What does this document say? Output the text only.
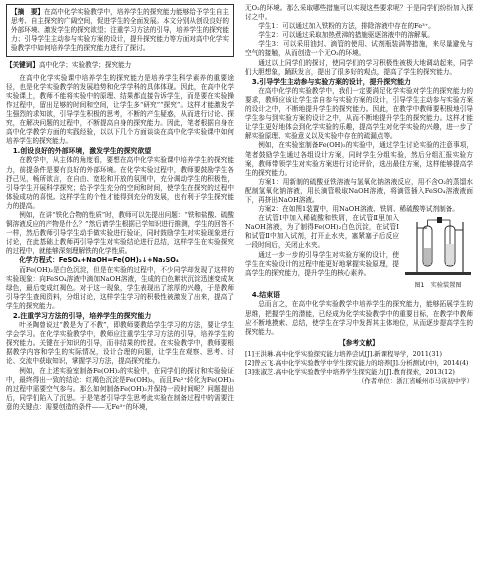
【摘　要】在高中化学实验教学中，培养学生的探究能力能够给予学生自主思考、自主探究的广阔空间，促进学生的全面发展。本文分别从创设良好的外部环境、激发学生的探究欲望；注重学习方法的引导，培养学生的探究能力；引导学生主动参与实验方案的设计，提升探究能力等方面对高中化学实验教学中如何培养学生的探究能力进行了探讨。

【关键词】高中化学；实验教学；探究能力

在高中化学实验课中培养学生的探究能力是培养学生科学素养的重要途径，也是化学实验教学的发展趋势和化学学科的具体体现。因此，在高中化学实验课上，教师不能将实验中的原理、结果都直接告诉学生，而是要在实验操作过程中，留出足够的时间和空间，让学生多“研究”“探究”。这样才能激发学生强烈的求知欲，引导学生积极的思考，不断的产生疑惑，从而进行讨论、探究，在解决问题的过程中，不断提高自身的探究能力。因此，笔者根据自身在高中化学教学方面的实践经验，以以下几个方面谈谈在高中化学实验课中如何培养学生的探究能力。

1.创设良好的外部环境，激发学生的探究欲望

在教学中，从主体的角度看，要想在高中化学实验课中培养学生的探究能力，前提条件是要有良好的外部环境。在化学实验过程中，教师要鼓励学生各抒己见，畅所欲言，在自由、宽松和开放的氛围中，充分调动学生的积极性，引导学生开展科学探究；给予学生充分的空间和时间，使学生在探究的过程中体验成功的喜悦。这样学生的个性才能得到充分的发展，也有利于学生探究能力的提高。

例如，在讲“铁化合物的性质”时，教师可以先提出问题：“铁和盐酸、硫酸铜溶液反应的产物是什么？”然后请学生根据已学知识进行推测，学生的回答不一样，然后教师引导学生动手做实验进行验证，同时鼓励学生对实验现象进行讨论，在此基础上教师再引导学生对实验结论进行总结，这样学生在实验探究的过程中，就能够深刻理解铁的化学性质。

化学方程式：FeSO₄+NaOH=Fe(OH)₂↓+Na₂SO₄

而Fe(OH)₂是白色沉淀，但是在实验的过程中，不少同学却发现了这样的实验现象：向FeSO₄溶液中滴加NaOH溶液，生成的白色絮状沉淀迅速变成灰绿色，最后变成红褐色。对于这一现象，学生表现出了浓厚的兴趣，于是教师引导学生查阅资料，分组讨论，这样学生学习的积极性被激发了出来，提高了学生的探究能力。

2.注重学习方法的引导，培养学生的探究能力

叶圣陶曾说过“教是为了不教”，即教师要教给学生学习的方法，要让学生学会学习。在化学实验教学中，教师应注重学生学习方法的引导，培养学生的探究能力。关键在于知识的引导，而非结果的传授。在实验教学中，教师要根据教学内容和学生的实际情况，设计合理的问题，让学生在观察、思考、讨论、交流中获取知识，掌握学习方法，提高探究能力。

例如，在上述实验室制备Fe(OH)₂的实验中，在同学们的探讨和实验验证中，最终得出一致的结论：红褐色沉淀是Fe(OH)₃，而且Fe²⁺转化为Fe(OH)₃的过程中需要空气参与。那么如何制备Fe(OH)₂并保持一段时间呢？问题提出后，同学们陷入了沉思。于是笔者引导学生思考此实验在制备过程中的需要注意的关键点：需要创造的条件——无Fe³⁺的环境，

无O₂的环境。那么采取哪些措施可以实现这些要求呢？于是同学们纷纷加入探讨之中。

学生1：可以通过加入铁粉的方法，排除溶液中存在的Fe³⁺。

学生2：可以通过采取加热煮沸的措施驱逐溶液中的溶解氧。

学生3：可以采用油封、滴管的使用、试剂瓶装满等措施，来尽量避免与空气的接触，从而创造一个无O₂的环境。

通过以上同学们的探讨，使同学们的学习积极性被极大地调动起来，同学们大胆想象，踊跃发言，提出了很多好的观点，提高了学生的探究能力。

3.引导学生主动参与实验方案的设计，提升探究能力

在高中化学的实验教学中，我们一定要满足化学实验对学生的探究能力的要求，教师应该让学生亲自参与实验方案的设计，引导学生主动参与实验方案的设计之中，不断地提升学生的探究能力。因此，在教学中教师要积极地引导学生参与到实验方案的设计之中，从而不断地提升学生的探究能力。这样才能让学生更好地体会到化学实验的乐趣，提高学生对化学实验的兴趣，进一步了解实验原理、实验意义以及实验中存在的疏漏点等。

例如，在实验室制备Fe(OH)₂的实验中，通过学生讨论实验的注意事项，笔者鼓励学生通过各组设计方案，同时学生分组实验，然后分组汇报实验方案，教师带领学生对实验方案进行讨论评价，选出最佳方案，这样能够提高学生的探究能力。

方案1：用新制的硫酸亚铁溶液与氢氧化钠溶液反应，用不含O₂的蒸馏水配制氢氧化钠溶液，用长滴管吸取NaOH溶液，将滴管插入FeSO₄溶液液面下，再挤出NaOH溶液。

方案2：在如图1装置中，用NaOH溶液、铁屑、稀硫酸等试剂制备。

在试管Ⅰ中加入稀硫酸和铁屑，在试管Ⅱ里加入NaOH溶液，为了制得Fe(OH)₂白色沉淀，在试管Ⅰ和试管Ⅱ中加入试剂，打开止水夹，塞紧塞子后反应一段时间后，关闭止水夹。

通过一步一步的引导学生对实验方案的设计，使学生在实验设计的过程中能更好地掌握实验原理，提高学生的探究能力，提升学生的核心素养。

图1　实验装置图
4.结束语

总而言之，在高中化学实验教学中培养学生的探究能力，能够拓展学生的思维，把握学生的潜能，已经成为化学实验教学中的重要目标，在教学中教师应不断地摸索、总结，使学生在学习中发挥其主体地位，从而逐步提高学生的探究能力。

【参考文献】

[1]王洪琳.高中化学实验探究能力培养尝试[J].新课程导学，2011(31)

[2]曾云飞.高中化学实验教学中学生探究能力的培养[J].分析测试(中)，2014(4)

[3]张淑芝.高中化学实验教学中培养学生探究能力[J].教育探索，2013(12)

（作者单位：浙江省嵊州市马寅初中学）
